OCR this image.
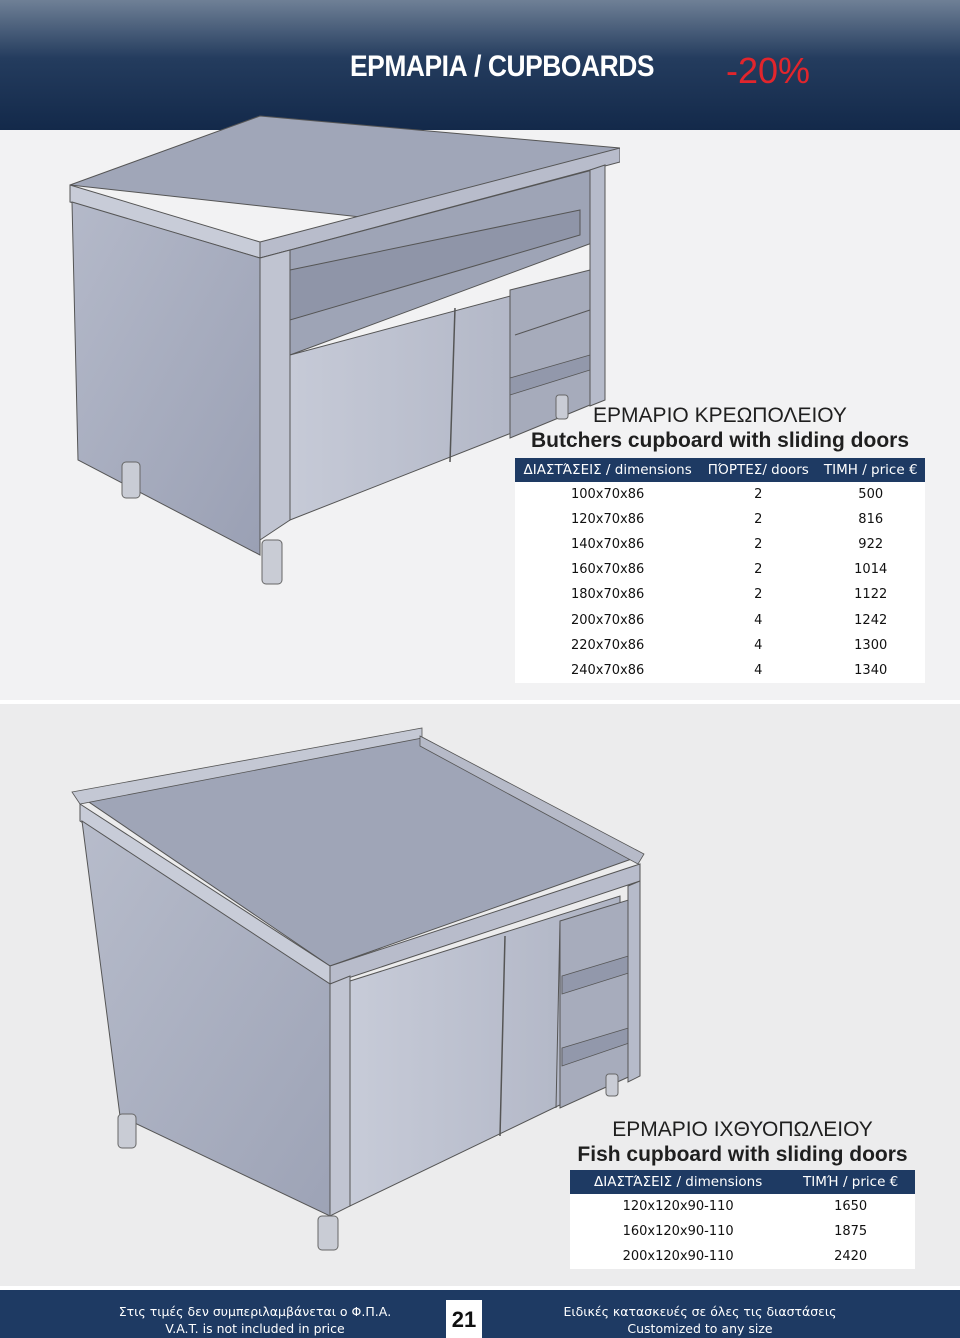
ΕΡΜΑΡΙΑ / CUPBOARDS -20%
ΕΡΜΑΡΙΟ ΚΡΕΩΠΟΛΕΙΟΥ
Butchers cupboard with sliding doors
ΔΙΑΣΤΆΣΕΙΣ / dimensions	ΠΌΡΤΕΣ/ doors	ΤΙΜΗ / price €
100x70x86	2	500
120x70x86	2	816
140x70x86	2	922
160x70x86	2	1014
180x70x86	2	1122
200x70x86	4	1242
220x70x86	4	1300
240x70x86	4	1340
ΕΡΜΑΡΙΟ ΙΧΘΥΟΠΩΛΕΙΟΥ
Fish cupboard with sliding doors
ΔΙΑΣΤΆΣΕΙΣ / dimensions	ΤΙΜΉ / price €
120x120x90-110	1650
160x120x90-110	1875
200x120x90-110	2420
Στις τιμές δεν συμπεριλαμβάνεται ο Φ.Π.Α.
V.A.T. is not included in price	21	Ειδικές κατασκευές σε όλες τις διαστάσεις
Customized to any size
